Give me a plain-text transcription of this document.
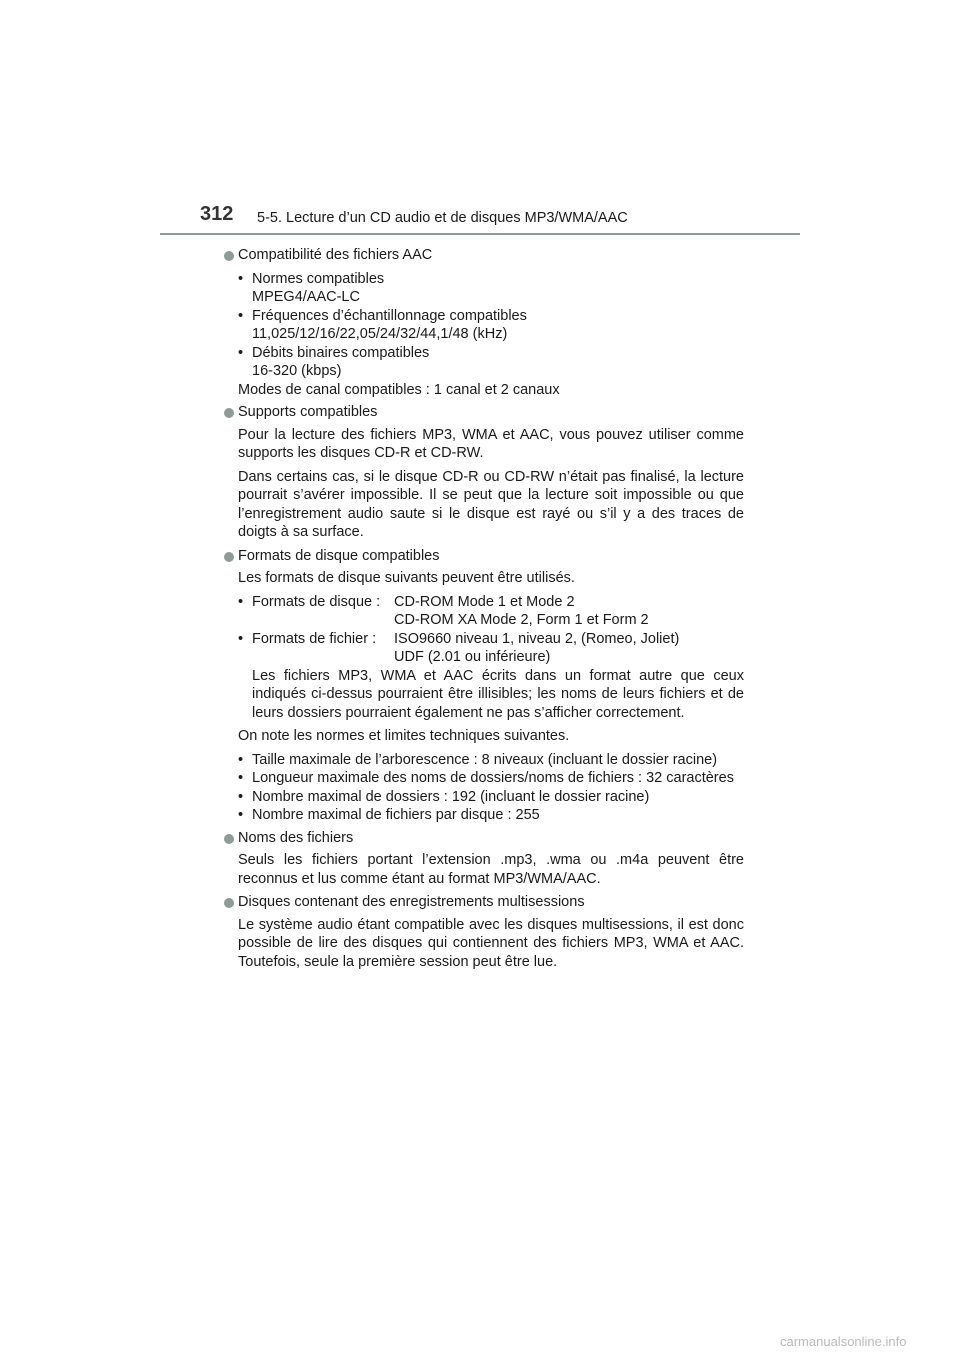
312 5-5. Lecture d’un CD audio et de disques MP3/WMA/AAC
Compatibilité des fichiers AAC
• Normes compatibles
MPEG4/AAC-LC
• Fréquences d’échantillonnage compatibles
11,025/12/16/22,05/24/32/44,1/48 (kHz)
• Débits binaires compatibles
16-320 (kbps)
Modes de canal compatibles : 1 canal et 2 canaux
Supports compatibles

Pour la lecture des fichiers MP3, WMA et AAC, vous pouvez utiliser comme supports les disques CD-R et CD-RW.

Dans certains cas, si le disque CD-R ou CD-RW n’était pas finalisé, la lecture pourrait s’avérer impossible. Il se peut que la lecture soit impossible ou que l’enregistrement audio saute si le disque est rayé ou s’il y a des traces de doigts à sa surface.

Formats de disque compatibles

Les formats de disque suivants peuvent être utilisés.

• Formats de disque : CD-ROM Mode 1 et Mode 2
CD-ROM XA Mode 2, Form 1 et Form 2
• Formats de fichier :	ISO9660 niveau 1, niveau 2, (Romeo, Joliet)
UDF (2.01 ou inférieure)
Les fichiers MP3, WMA et AAC écrits dans un format autre que ceux indiqués ci-dessus pourraient être illisibles; les noms de leurs fichiers et de leurs dossiers pourraient également ne pas s’afficher correctement.

On note les normes et limites techniques suivantes.

• Taille maximale de l’arborescence : 8 niveaux (incluant le dossier racine)
• Longueur maximale des noms de dossiers/noms de fichiers : 32 caractères
• Nombre maximal de dossiers : 192 (incluant le dossier racine)
• Nombre maximal de fichiers par disque : 255
Noms des fichiers

Seuls les fichiers portant l’extension .mp3, .wma ou .m4a peuvent être reconnus et lus comme étant au format MP3/WMA/AAC.

Disques contenant des enregistrements multisessions

Le système audio étant compatible avec les disques multisessions, il est donc possible de lire des disques qui contiennent des fichiers MP3, WMA et AAC. Toutefois, seule la première session peut être lue.

carmanualsonline.info
